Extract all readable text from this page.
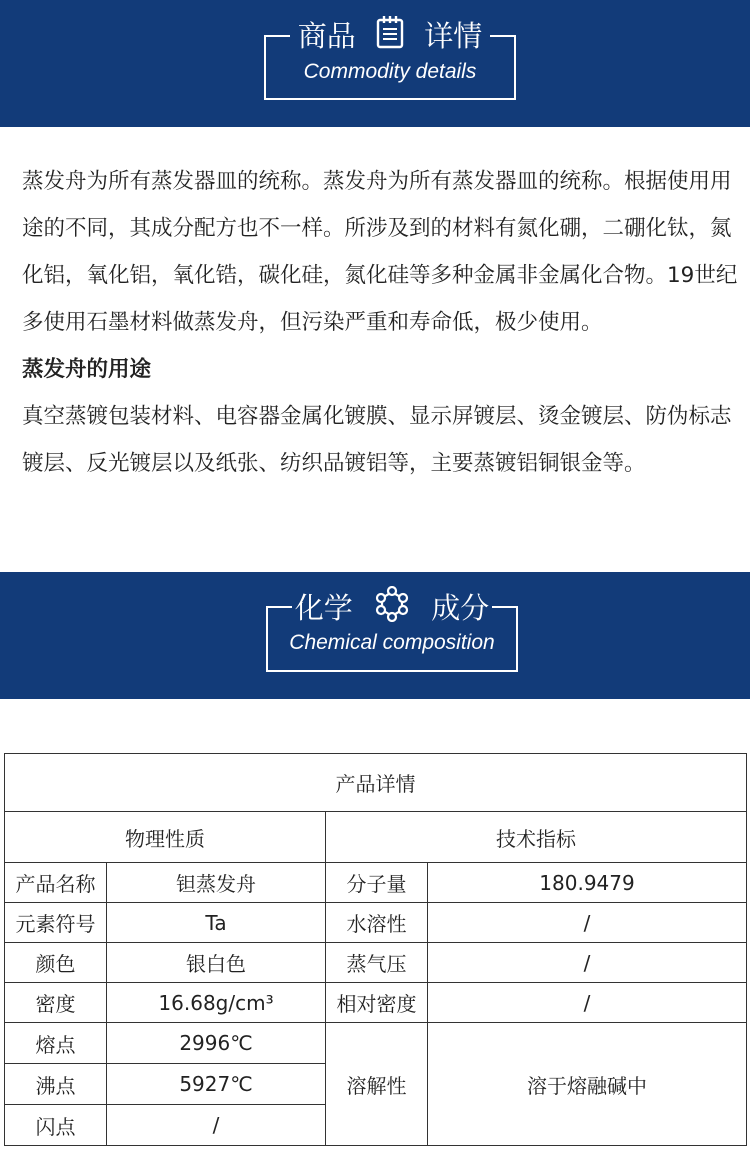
商品 详情
Commodity details

蒸发舟为所有蒸发器皿的统称。蒸发舟为所有蒸发器皿的统称。根据使用用途的不同，其成分配方也不一样。所涉及到的材料有氮化硼，二硼化钛，氮化铝，氧化铝，氧化锆，碳化硅，氮化硅等多种金属非金属化合物。19世纪多使用石墨材料做蒸发舟，但污染严重和寿命低，极少使用。

蒸发舟的用途

真空蒸镀包装材料、电容器金属化镀膜、显示屏镀层、烫金镀层、防伪标志镀层、反光镀层以及纸张、纺织品镀铝等，主要蒸镀铝铜银金等。

化学	成分
Chemical composition
产品详情			
物理性质		技术指标	
产品名称	钽蒸发舟	分子量	180.9479
元素符号	Ta	水溶性	/
颜色	银白色	蒸气压	/
密度	16.68g/cm³	相对密度	/
熔点	2996℃	溶解性	溶于熔融碱中
沸点	5927℃		
闪点	/		
